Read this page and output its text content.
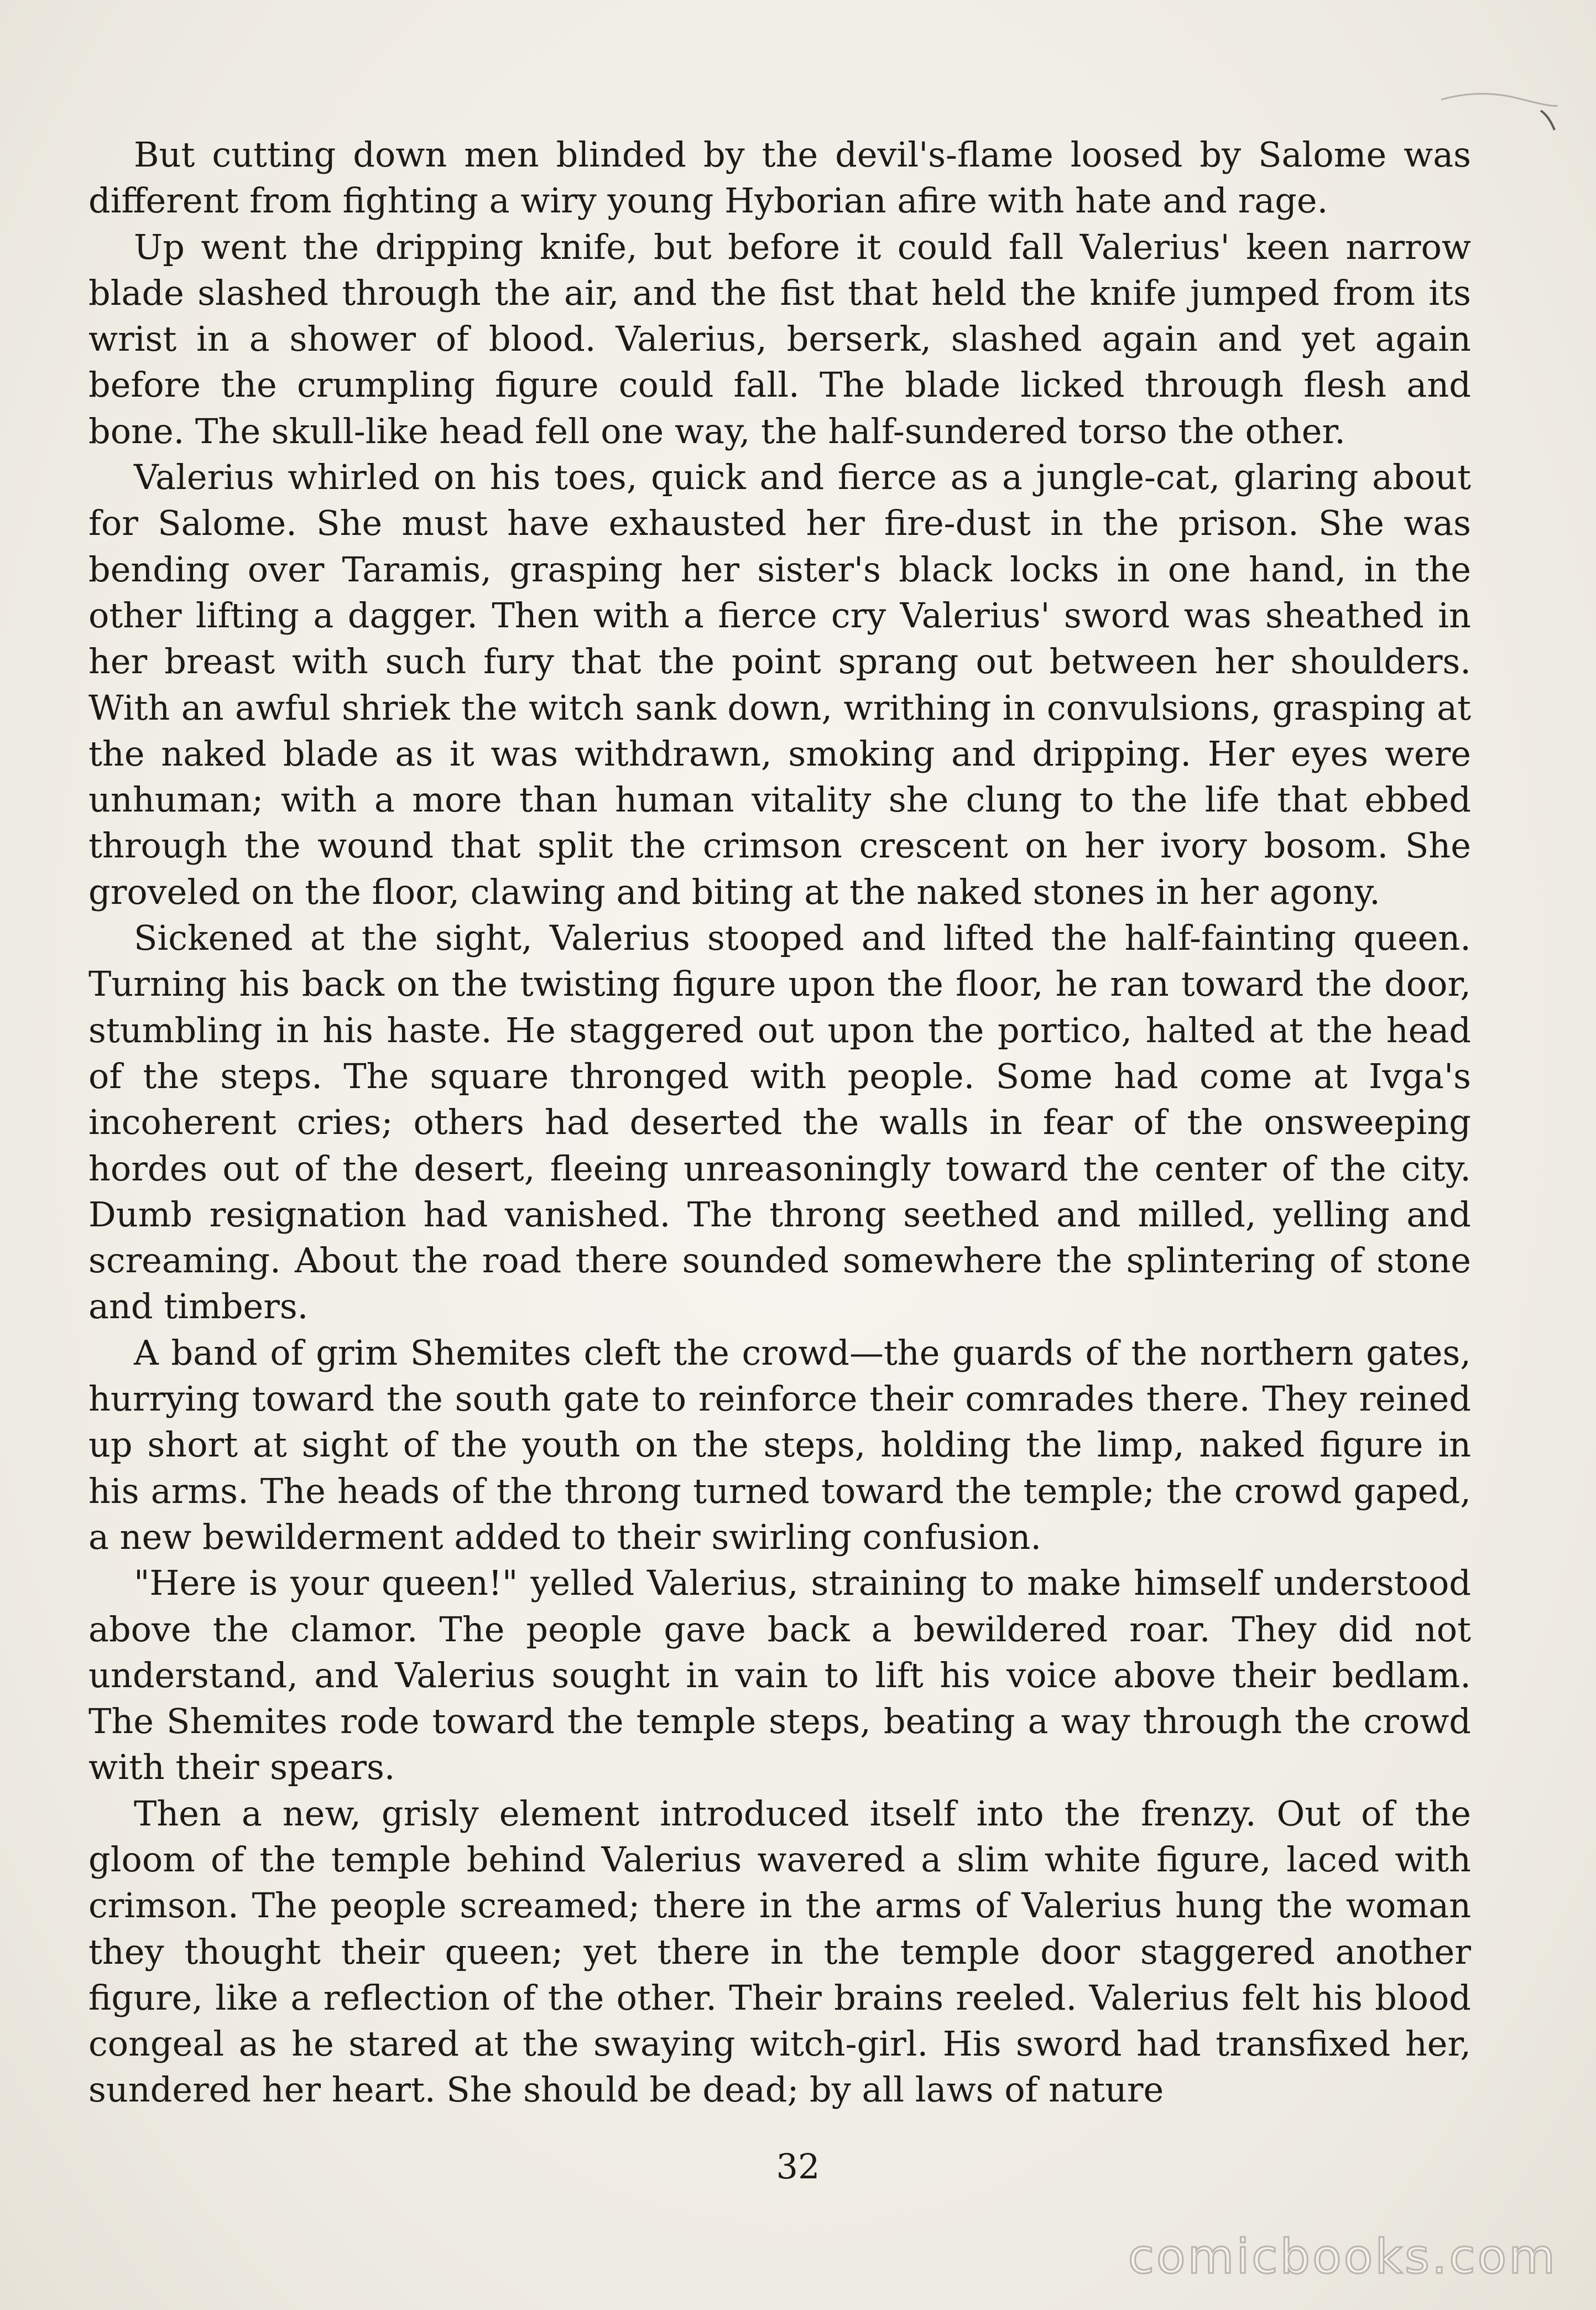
But cutting down men blinded by the devil's-flame loosed by Salome was different from fighting a wiry young Hyborian afire with hate and rage.

Up went the dripping knife, but before it could fall Valerius' keen narrow blade slashed through the air, and the fist that held the knife jumped from its wrist in a shower of blood. Valerius, berserk, slashed again and yet again before the crumpling figure could fall. The blade licked through flesh and bone. The skull-like head fell one way, the half-sundered torso the other.

Valerius whirled on his toes, quick and fierce as a jungle-cat, glaring about for Salome. She must have exhausted her fire-dust in the prison. She was bending over Taramis, grasping her sister's black locks in one hand, in the other lifting a dagger. Then with a fierce cry Valerius' sword was sheathed in her breast with such fury that the point sprang out between her shoulders. With an awful shriek the witch sank down, writhing in convulsions, grasping at the naked blade as it was withdrawn, smoking and dripping. Her eyes were unhuman; with a more than human vitality she clung to the life that ebbed through the wound that split the crimson crescent on her ivory bosom. She groveled on the floor, clawing and biting at the naked stones in her agony.

Sickened at the sight, Valerius stooped and lifted the half-fainting queen. Turning his back on the twisting figure upon the floor, he ran toward the door, stumbling in his haste. He staggered out upon the portico, halted at the head of the steps. The square thronged with people. Some had come at Ivga's incoherent cries; others had deserted the walls in fear of the onsweeping hordes out of the desert, fleeing unreasoningly toward the center of the city. Dumb resignation had vanished. The throng seethed and milled, yelling and screaming. About the road there sounded somewhere the splintering of stone and timbers.

A band of grim Shemites cleft the crowd—the guards of the northern gates, hurrying toward the south gate to reinforce their comrades there. They reined up short at sight of the youth on the steps, holding the limp, naked figure in his arms. The heads of the throng turned toward the temple; the crowd gaped, a new bewilderment added to their swirling confusion.

"Here is your queen!" yelled Valerius, straining to make himself understood above the clamor. The people gave back a bewildered roar. They did not understand, and Valerius sought in vain to lift his voice above their bedlam. The Shemites rode toward the temple steps, beating a way through the crowd with their spears.

Then a new, grisly element introduced itself into the frenzy. Out of the gloom of the temple behind Valerius wavered a slim white figure, laced with crimson. The people screamed; there in the arms of Valerius hung the woman they thought their queen; yet there in the temple door staggered another figure, like a reflection of the other. Their brains reeled. Valerius felt his blood congeal as he stared at the swaying witch-girl. His sword had transfixed her, sundered her heart. She should be dead; by all laws of nature

32
comicbooks.com
